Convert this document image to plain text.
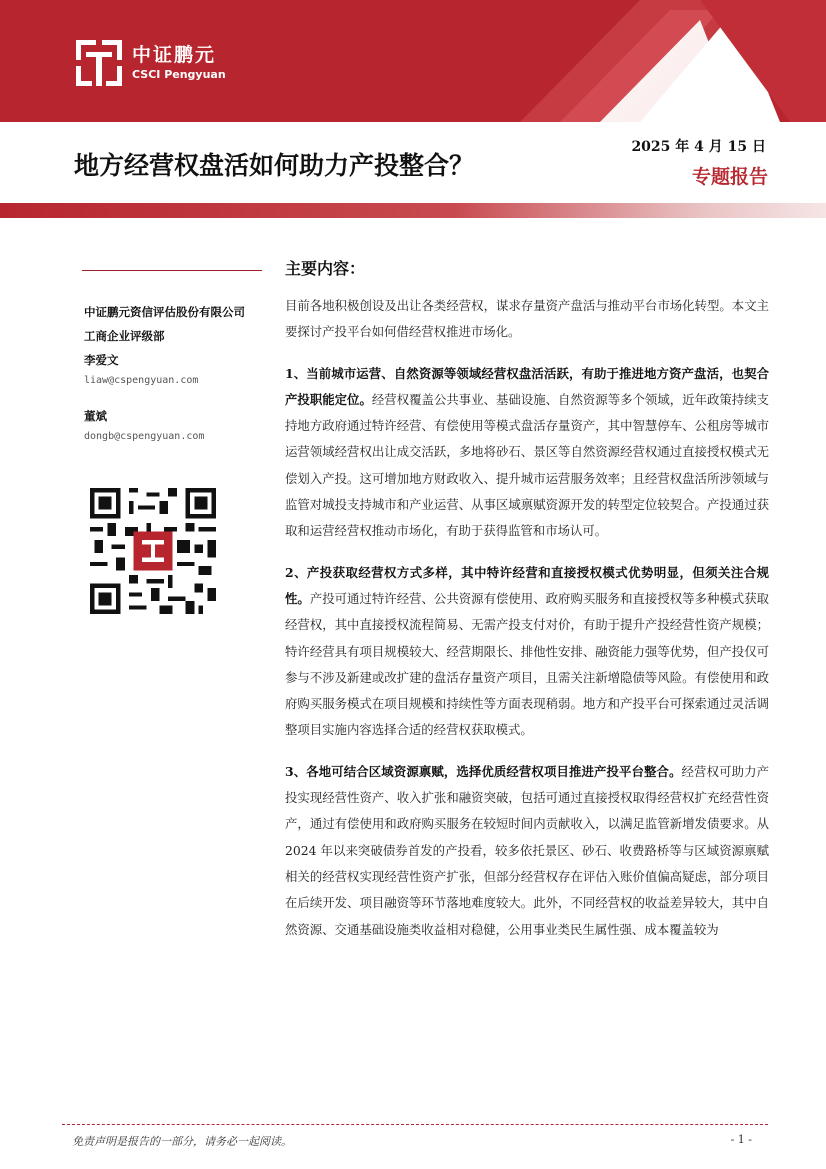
中证鹏元
CSCI Pengyuan
地方经营权盘活如何助力产投整合？
2025 年 4 月 15 日
专题报告
中证鹏元资信评估股份有限公司
工商企业评级部
李爱文
liaw@cspengyuan.com
董斌
dongb@cspengyuan.com
主要内容：

目前各地积极创设及出让各类经营权，谋求存量资产盘活与推动平台市场化转型。本文主要探讨产投平台如何借经营权推进市场化。

1、当前城市运营、自然资源等领域经营权盘活活跃，有助于推进地方资产盘活，也契合产投职能定位。经营权覆盖公共事业、基础设施、自然资源等多个领域，近年政策持续支持地方政府通过特许经营、有偿使用等模式盘活存量资产，其中智慧停车、公租房等城市运营领域经营权出让成交活跃，多地将砂石、景区等自然资源经营权通过直接授权模式无偿划入产投。这可增加地方财政收入、提升城市运营服务效率；且经营权盘活所涉领域与监管对城投支持城市和产业运营、从事区域禀赋资源开发的转型定位较契合。产投通过获取和运营经营权推动市场化，有助于获得监管和市场认可。

2、产投获取经营权方式多样，其中特许经营和直接授权模式优势明显，但须关注合规性。产投可通过特许经营、公共资源有偿使用、政府购买服务和直接授权等多种模式获取经营权，其中直接授权流程简易、无需产投支付对价，有助于提升产投经营性资产规模；特许经营具有项目规模较大、经营期限长、排他性安排、融资能力强等优势，但产投仅可参与不涉及新建或改扩建的盘活存量资产项目，且需关注新增隐债等风险。有偿使用和政府购买服务模式在项目规模和持续性等方面表现稍弱。地方和产投平台可探索通过灵活调整项目实施内容选择合适的经营权获取模式。

3、各地可结合区域资源禀赋，选择优质经营权项目推进产投平台整合。经营权可助力产投实现经营性资产、收入扩张和融资突破，包括可通过直接授权取得经营权扩充经营性资产，通过有偿使用和政府购买服务在较短时间内贡献收入，以满足监管新增发债要求。从 2024 年以来突破债券首发的产投看，较多依托景区、砂石、收费路桥等与区域资源禀赋相关的经营权实现经营性资产扩张，但部分经营权存在评估入账价值偏高疑虑，部分项目在后续开发、项目融资等环节落地难度较大。此外，不同经营权的收益差异较大，其中自然资源、交通基础设施类收益相对稳健，公用事业类民生属性强、成本覆盖较为

免责声明是报告的一部分，请务必一起阅读。	- 1 -
